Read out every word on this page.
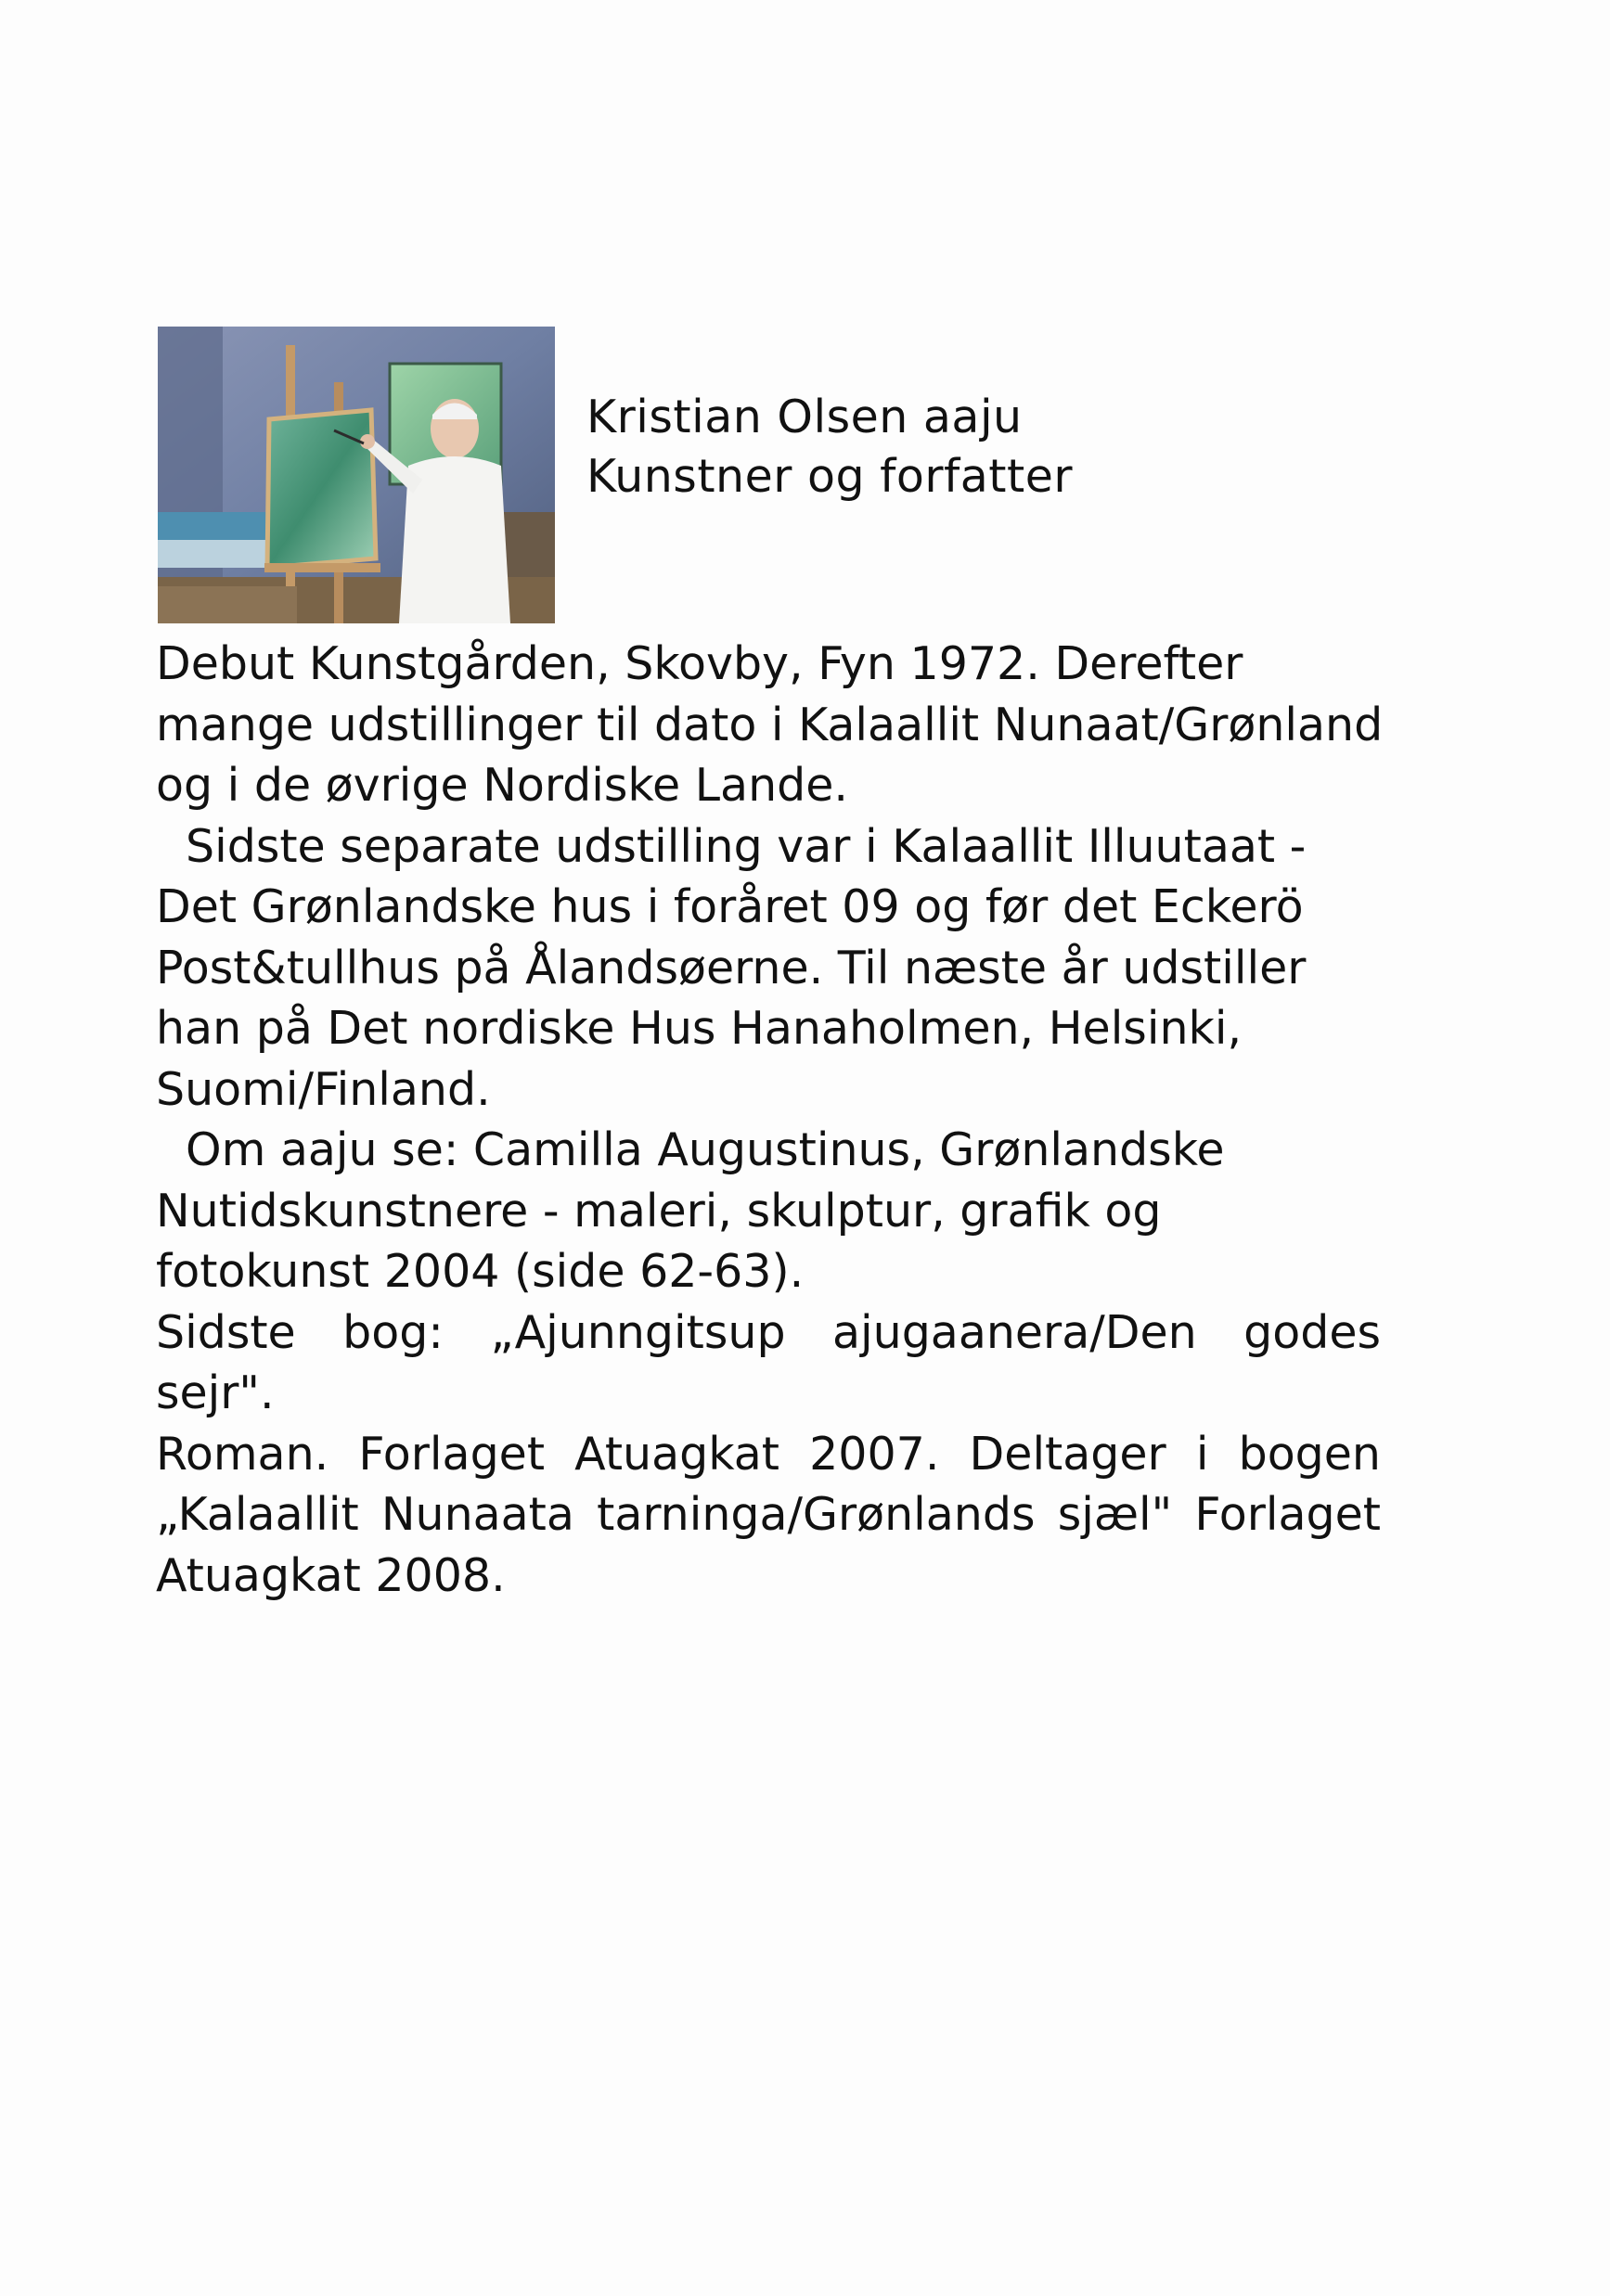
Kristian Olsen aaju
Kunstner og forfatter
Debut Kunstgården, Skovby, Fyn 1972. Derefter
mange udstillinger til dato i Kalaallit Nunaat/Grønland
og i de øvrige Nordiske Lande.
Sidste separate udstilling var i Kalaallit Illuutaat -
Det Grønlandske hus i foråret 09 og før det Eckerö
Post&tullhus på Ålandsøerne. Til næste år udstiller
han på Det nordiske Hus Hanaholmen, Helsinki,
Suomi/Finland.
Om aaju se: Camilla Augustinus, Grønlandske
Nutidskunstnere - maleri, skulptur, grafik og
fotokunst 2004 (side 62-63).
Sidste bog: „Ajunngitsup ajugaanera/Den godes sejr".
Roman. Forlaget Atuagkat 2007. Deltager i bogen
„Kalaallit Nunaata tarninga/Grønlands sjæl" Forlaget
Atuagkat 2008.
